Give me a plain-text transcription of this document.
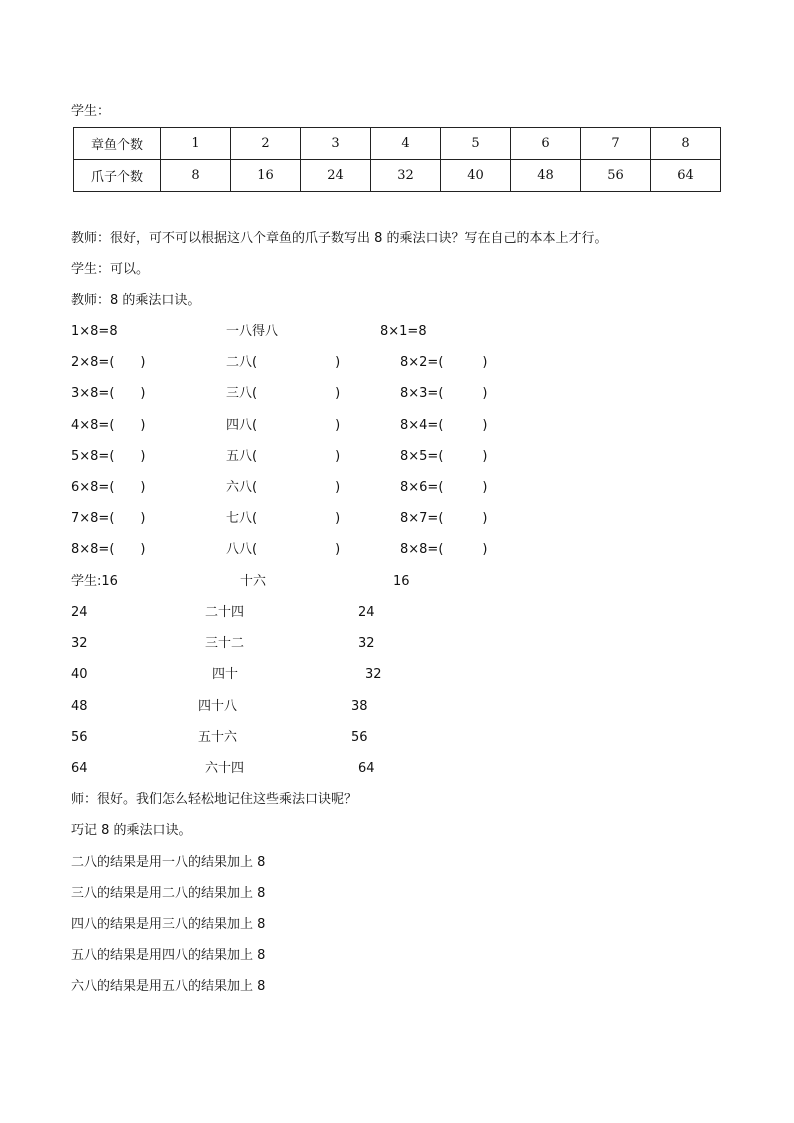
学生：
章鱼个数	1	2	3	4	5	6	7	8
爪子个数	8	16	24	32	40	48	56	64
教师：很好，可不可以根据这八个章鱼的爪子数写出 8 的乘法口诀？写在自己的本本上才行。
学生：可以。
教师：8 的乘法口诀。
1×8=8	一八得八	8×1=8
2×8=(　　)	二八(　　　　　　)	8×2=(　　　)
3×8=(　　)	三八(　　　　　　)	8×3=(　　　)
4×8=(　　)	四八(　　　　　　)	8×4=(　　　)
5×8=(　　)	五八(　　　　　　)	8×5=(　　　)
6×8=(　　)	六八(　　　　　　)	8×6=(　　　)
7×8=(　　)	七八(　　　　　　)	8×7=(　　　)
8×8=(　　)	八八(　　　　　　)	8×8=(　　　)
学生:16	十六	16
24	二十四	24
32	三十二	32
40	四十	32
48	四十八	38
56	五十六	56
64	六十四	64
师：很好。我们怎么轻松地记住这些乘法口诀呢？
巧记 8 的乘法口诀。
二八的结果是用一八的结果加上 8
三八的结果是用二八的结果加上 8
四八的结果是用三八的结果加上 8
五八的结果是用四八的结果加上 8
六八的结果是用五八的结果加上 8
